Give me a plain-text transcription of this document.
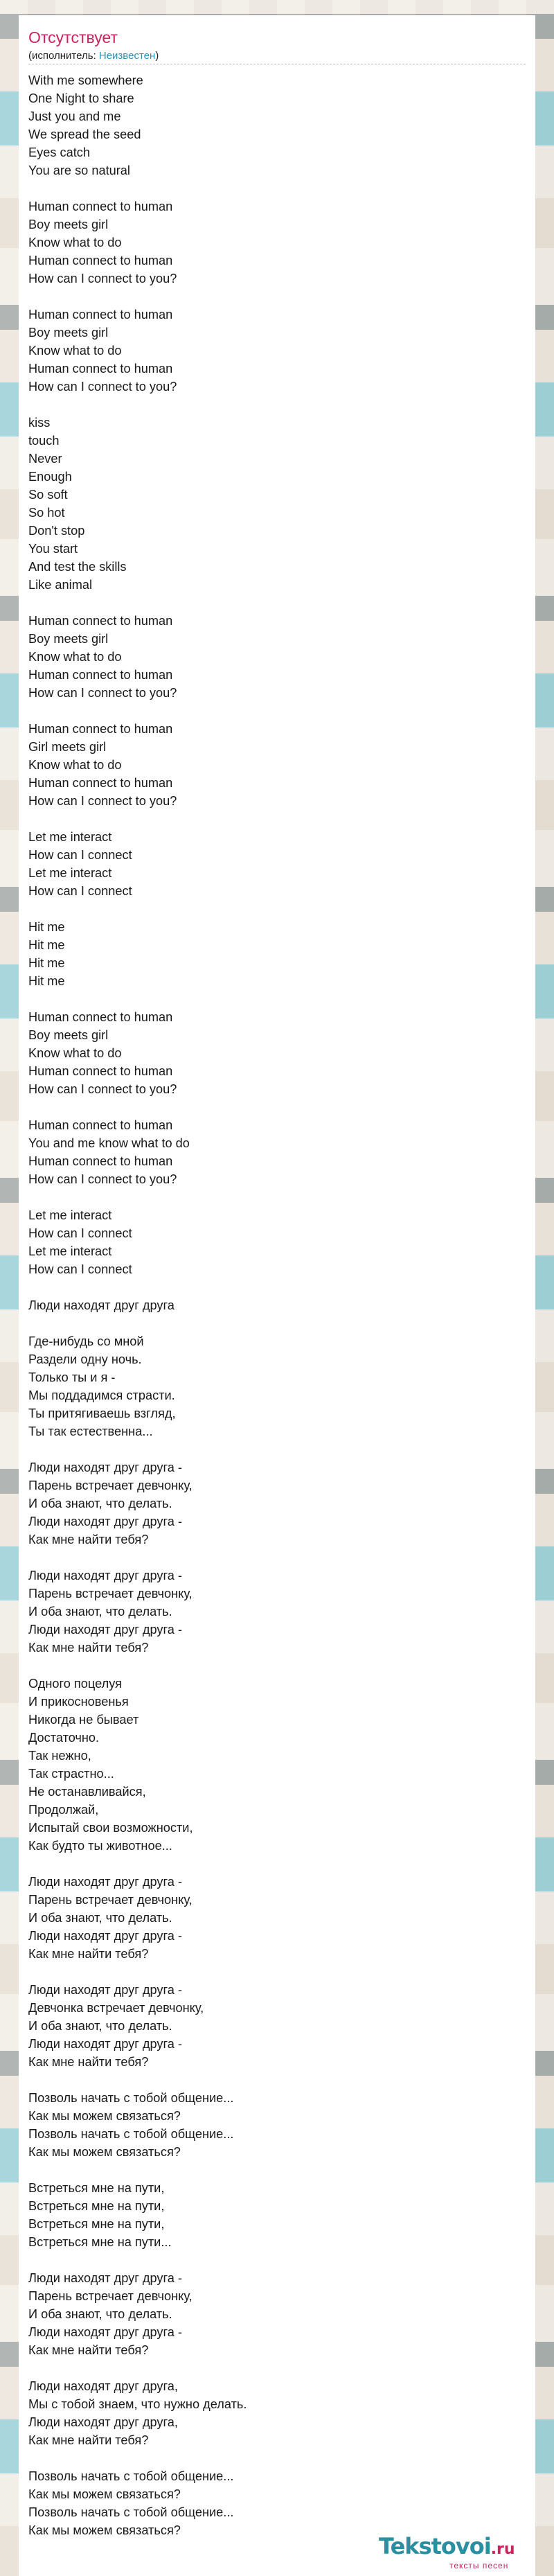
Отсутствует
(исполнитель: Неизвестен)
With me somewhere
One Night to share
Just you and me
We spread the seed
Eyes catch
You are so natural

Human connect to human
Boy meets girl
Know what to do
Human connect to human
How can I connect to you?

Human connect to human
Boy meets girl
Know what to do
Human connect to human
How can I connect to you?

kiss
touch
Never
Enough
So soft
So hot
Don't stop
You start
And test the skills
Like animal

Human connect to human
Boy meets girl
Know what to do
Human connect to human
How can I connect to you?

Human connect to human
Girl meets girl
Know what to do
Human connect to human
How can I connect to you?

Let me interact
How can I connect
Let me interact
How can I connect

Hit me
Hit me
Hit me
Hit me

Human connect to human
Boy meets girl
Know what to do
Human connect to human
How can I connect to you?

Human connect to human
You and me know what to do
Human connect to human
How can I connect to you?

Let me interact
How can I connect
Let me interact
How can I connect

Люди находят друг друга

Где-нибудь со мной
Раздели одну ночь.
Только ты и я -
Мы поддадимся страсти.
Ты притягиваешь взгляд,
Ты так естественна...

Люди находят друг друга -
Парень встречает девчонку,
И оба знают, что делать.
Люди находят друг друга -
Как мне найти тебя?

Люди находят друг друга -
Парень встречает девчонку,
И оба знают, что делать.
Люди находят друг друга -
Как мне найти тебя?

Одного поцелуя
И прикосновенья
Никогда не бывает
Достаточно.
Так нежно,
Так страстно...
Не останавливайся,
Продолжай,
Испытай свои возможности,
Как будто ты животное...

Люди находят друг друга -
Парень встречает девчонку,
И оба знают, что делать.
Люди находят друг друга -
Как мне найти тебя?

Люди находят друг друга -
Девчонка встречает девчонку,
И оба знают, что делать.
Люди находят друг друга -
Как мне найти тебя?

Позволь начать с тобой общение...
Как мы можем связаться?
Позволь начать с тобой общение...
Как мы можем связаться?

Встреться мне на пути,
Встреться мне на пути,
Встреться мне на пути,
Встреться мне на пути...

Люди находят друг друга -
Парень встречает девчонку,
И оба знают, что делать.
Люди находят друг друга -
Как мне найти тебя?

Люди находят друг друга,
Мы с тобой знаем, что нужно делать.
Люди находят друг друга,
Как мне найти тебя?

Позволь начать с тобой общение...
Как мы можем связаться?
Позволь начать с тобой общение...
Как мы можем связаться?
Tekstovoi.ru
тексты песен
